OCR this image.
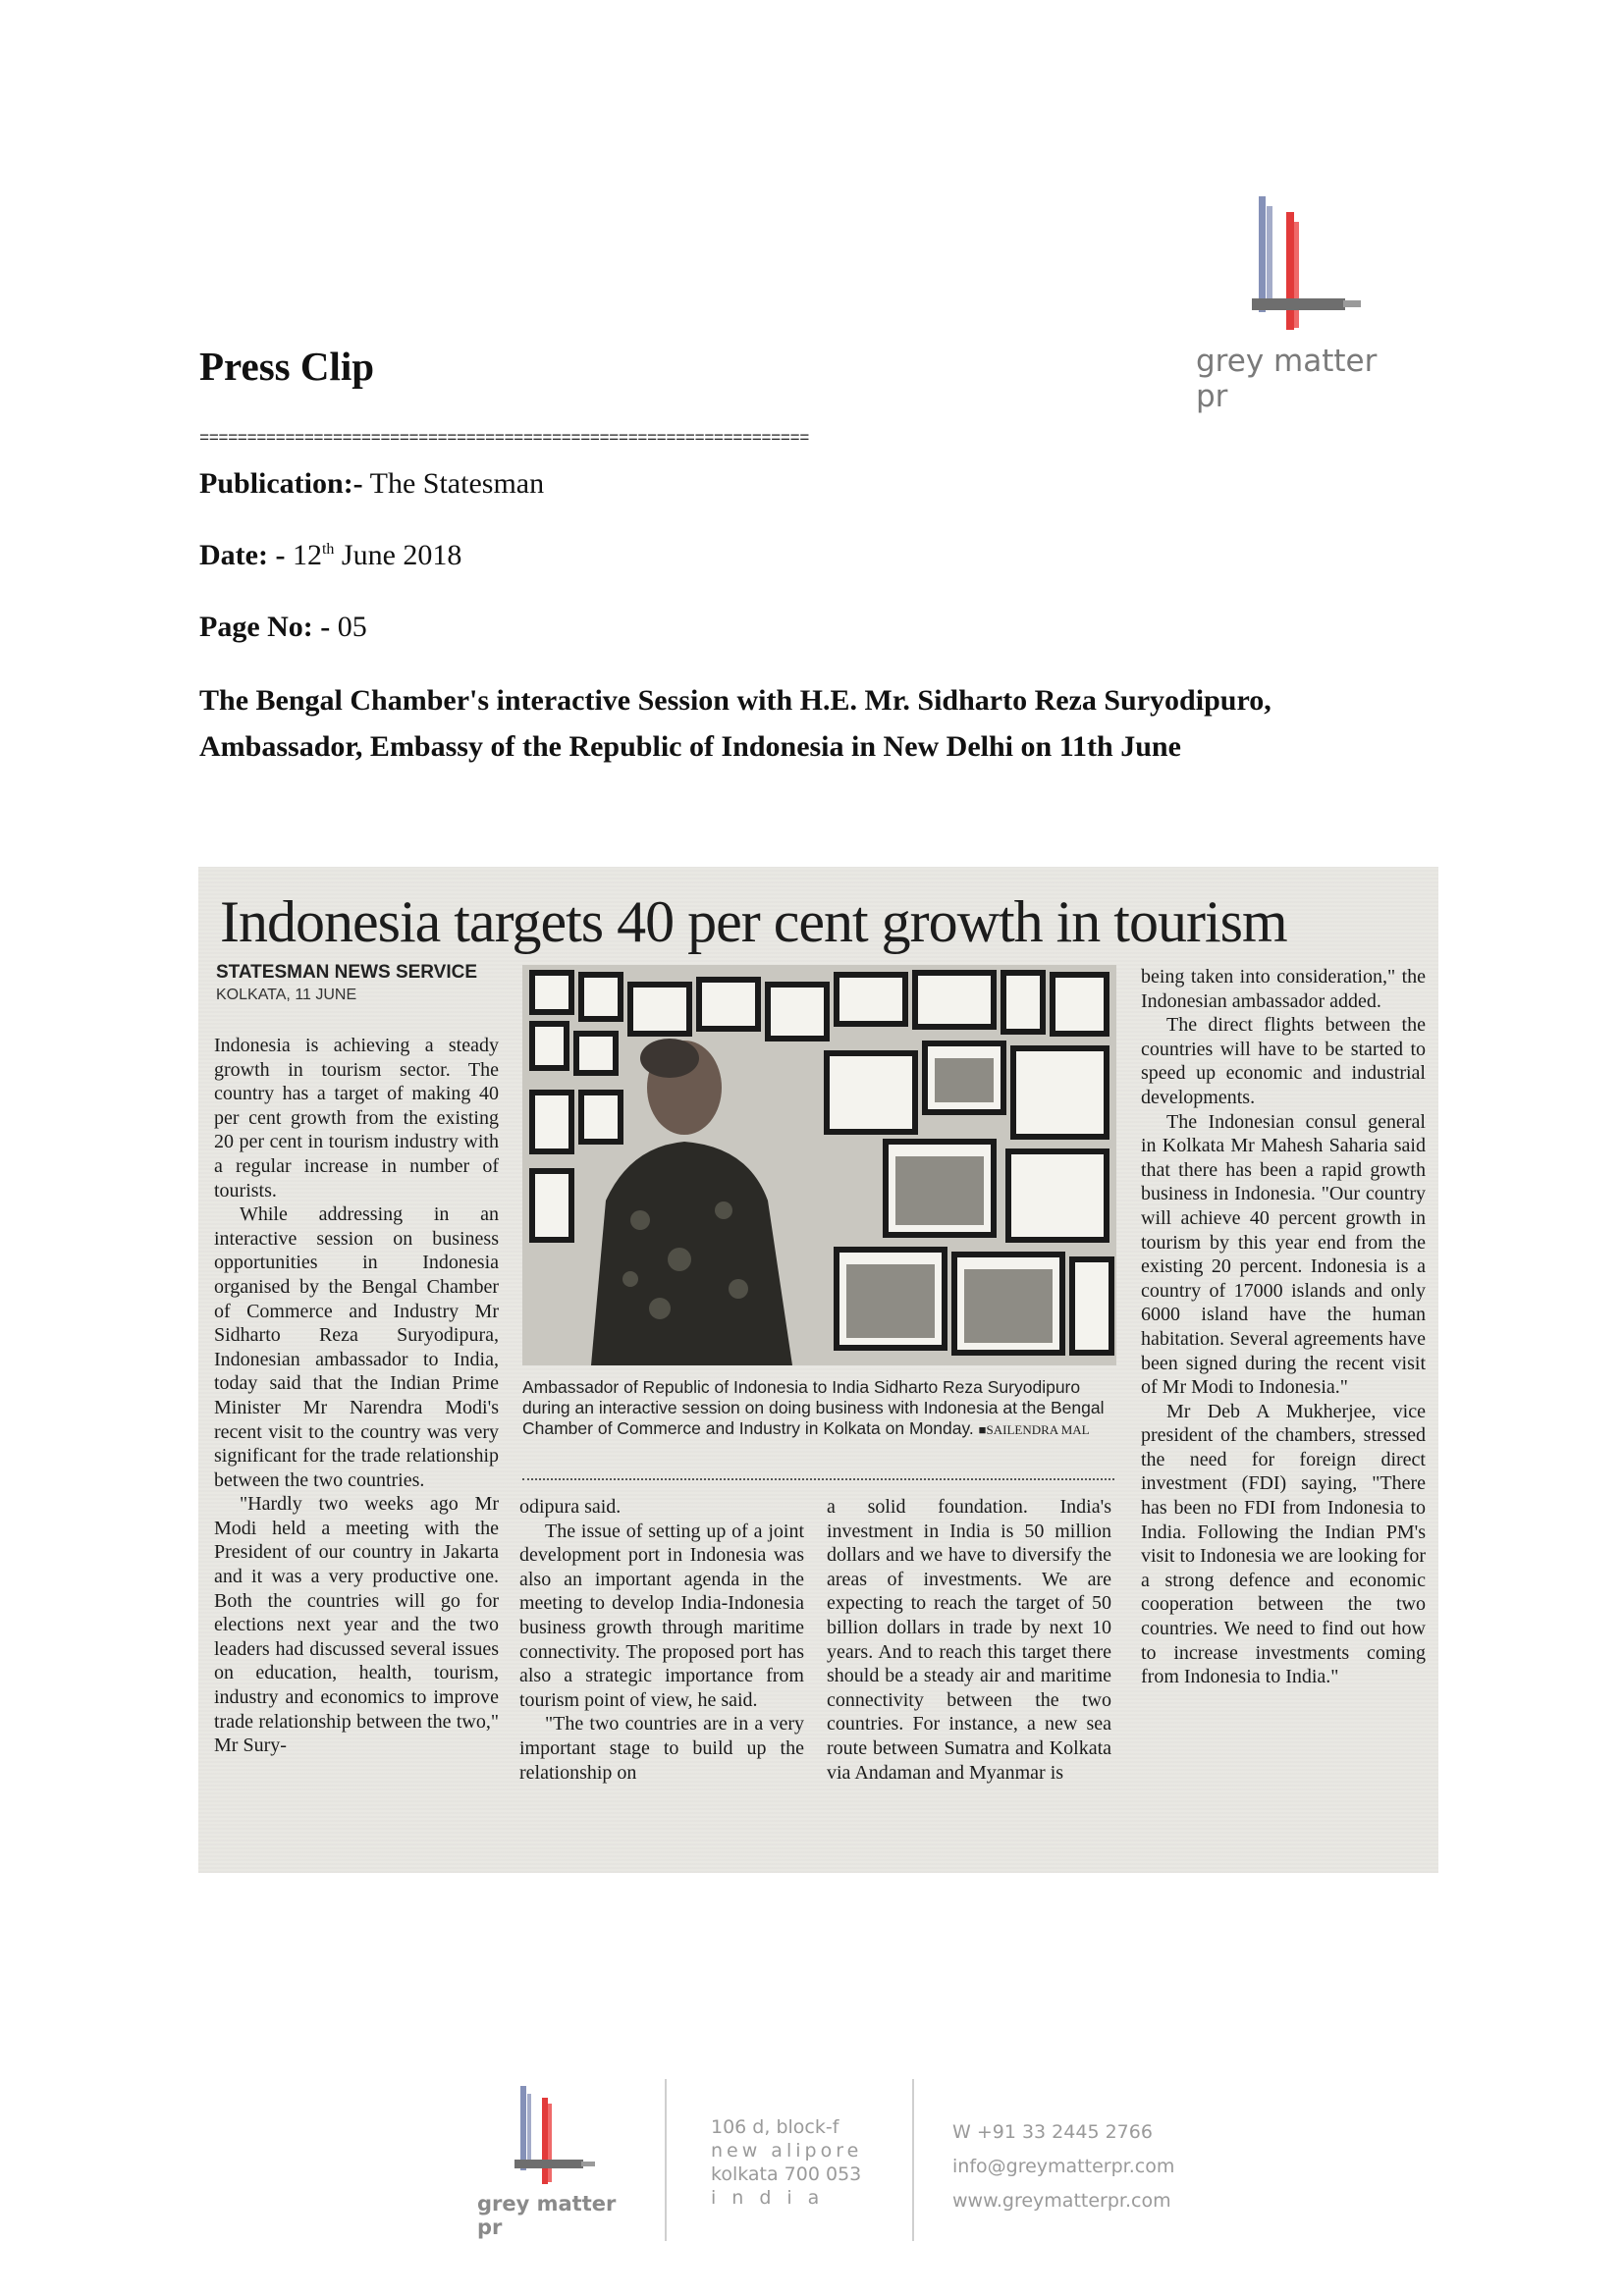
Press Clip	grey matter pr
================================================================
Publication:- The Statesman
Date: - 12th June 2018
Page No: - 05
The Bengal Chamber's interactive Session with H.E. Mr. Sidharto Reza Suryodipuro, Ambassador, Embassy of the Republic of Indonesia in New Delhi on 11th June
Indonesia targets 40 per cent growth in tourism
STATESMAN NEWS SERVICE
KOLKATA, 11 JUNE

Indonesia is achieving a steady growth in tourism sector. The country has a target of making 40 per cent growth from the existing 20 per cent in tourism industry with a regular increase in number of tourists.

While addressing in an interactive session on business opportunities in Indonesia organised by the Bengal Chamber of Commerce and Industry Mr Sidharto Reza Suryodipura, Indonesian ambassador to India, today said that the Indian Prime Minister Mr Narendra Modi's recent visit to the country was very significant for the trade relationship between the two countries.

"Hardly two weeks ago Mr Modi held a meeting with the President of our country in Jakarta and it was a very productive one. Both the countries will go for elections next year and the two leaders had discussed several issues on education, health, tourism, industry and economics to improve trade relationship between the two," Mr Sury-

Ambassador of Republic of Indonesia to India Sidharto Reza Suryodipuro during an interactive session on doing business with Indonesia at the Bengal Chamber of Commerce and Industry in Kolkata on Monday. ■SAILENDRA MAL

odipura said.

The issue of setting up of a joint development port in Indonesia was also an important agenda in the meeting to develop India-Indonesia business growth through maritime connectivity. The proposed port has also a strategic importance from tourism point of view, he said.

"The two countries are in a very important stage to build up the relationship on

a solid foundation. India's investment in India is 50 million dollars and we have to diversify the areas of investments. We are expecting to reach the target of 50 billion dollars in trade by next 10 years. And to reach this target there should be a steady air and maritime connectivity between the two countries. For instance, a new sea route between Sumatra and Kolkata via Andaman and Myanmar is

being taken into consideration," the Indonesian ambassador added.

The direct flights between the countries will have to be started to speed up economic and industrial developments.

The Indonesian consul general in Kolkata Mr Mahesh Saharia said that there has been a rapid growth business in Indonesia. "Our country will achieve 40 percent growth in tourism by this year end from the existing 20 percent. Indonesia is a country of 17000 islands and only 6000 island have the human habitation. Several agreements have been signed during the recent visit of Mr Modi to Indonesia."

Mr Deb A Mukherjee, vice president of the chambers, stressed the need for foreign direct investment (FDI) saying, "There has been no FDI from Indonesia to India. Following the Indian PM's visit to Indonesia we are looking for a strong defence and economic cooperation between the two countries. We need to find out how to increase investments coming from Indonesia to India."

grey matter pr
106 d, block-f
new alipore
kolkata 700 053
india
W +91 33 2445 2766
info@greymatterpr.com
www.greymatterpr.com
